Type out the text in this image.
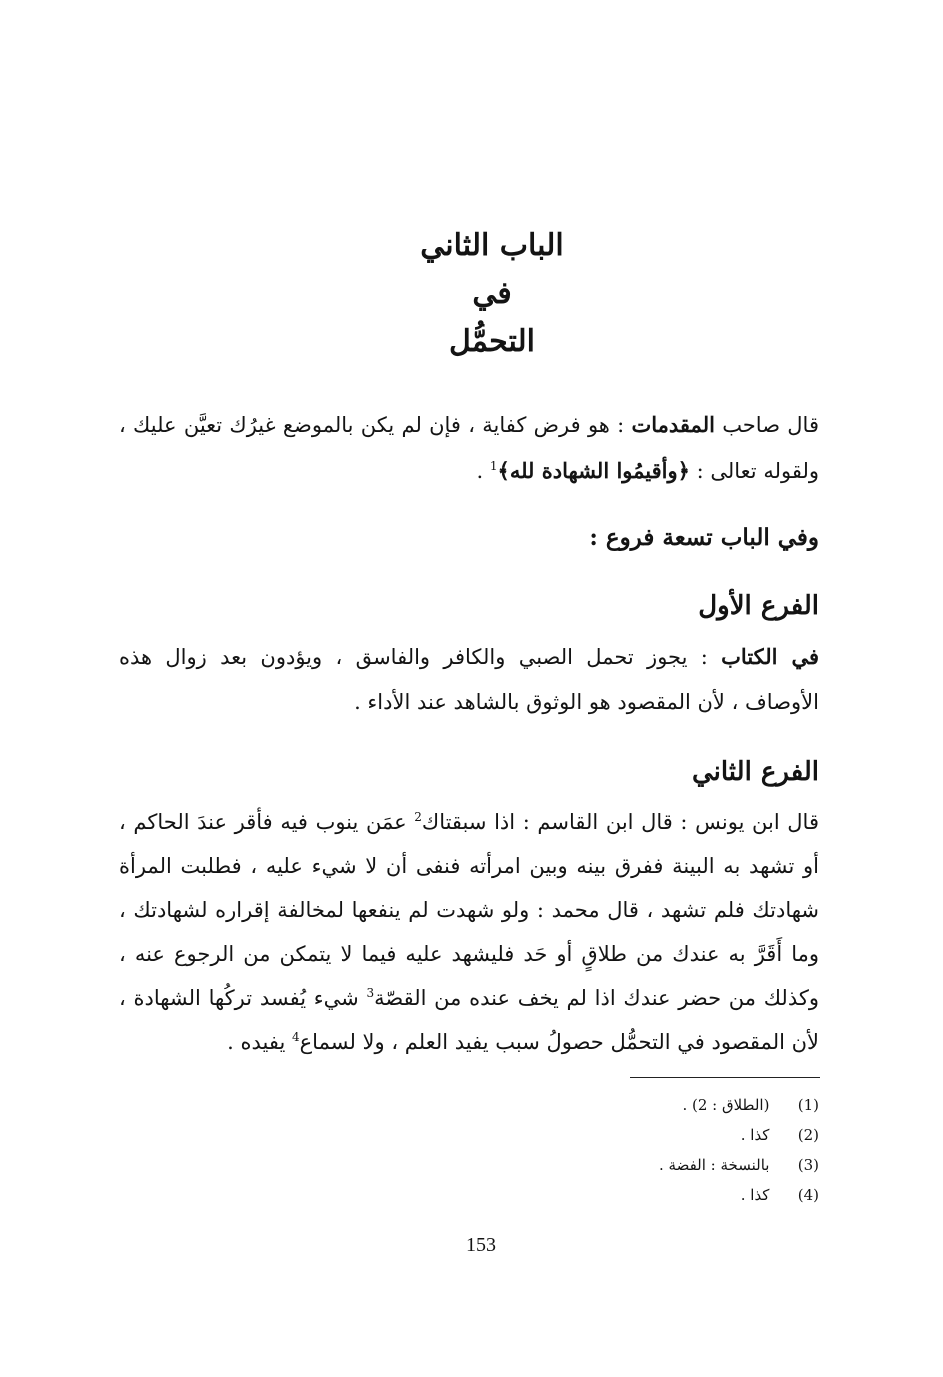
الباب الثاني
في
التحمُّل
قال صاحب المقدمات : هو فرض كفاية ، فإن لم يكن بالموضع غيرُك تعيَّن عليك ، ولقوله تعالى : ﴿وأقيمُوا الشهادة لله﴾$^1$ .
وفي الباب تسعة فروع :
الفرع الأول
في الكتاب : يجوز تحمل الصبي والكافر والفاسق ، ويؤدون بعد زوال هذه الأوصاف ، لأن المقصود هو الوثوق بالشاهد عند الأداء .
الفرع الثاني
قال ابن يونس : قال ابن القاسم : اذا سبقتاك$^2$ عمَن ينوب فيه فأقر عندَ الحاكم ، أو تشهد به البينة ففرق بينه وبين امرأته فنفى أن لا شيء عليه ، فطلبت المرأة شهادتك فلم تشهد ، قال محمد : ولو شهدت لم ينفعها لمخالفة إقراره لشهادتك ، وما أَقَرَّ به عندك من طلاقٍ أو حَد فليشهد عليه فيما لا يتمكن من الرجوع عنه ، وكذلك من حضر عندك اذا لم يخف عنده من القصّة$^3$ شيء يُفسد تركُها الشهادة ، لأن المقصود في التحمُّل حصولُ سبب يفيد العلم ، ولا لسماع$^4$ يفيده .
(1)  (الطلاق : 2) .
(2)  كذا .
(3)  بالنسخة : الفضة .
(4)  كذا .
153
